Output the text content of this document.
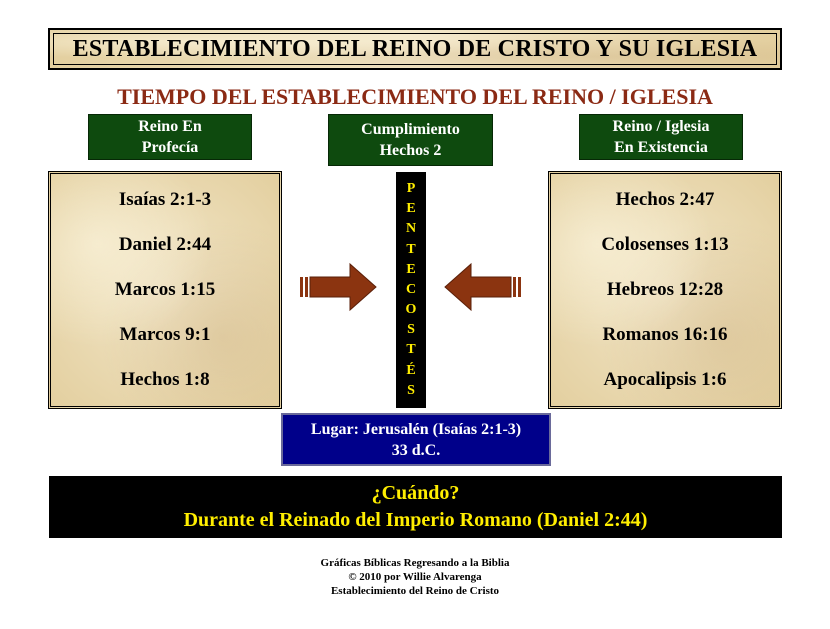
ESTABLECIMIENTO DEL REINO DE CRISTO Y SU IGLESIA
TIEMPO DEL ESTABLECIMIENTO DEL REINO / IGLESIA
Reino En
Profecía
Isaías 2:1-3
Daniel 2:44
Marcos 1:15
Marcos 9:1
Hechos 1:8
Cumplimiento
Hechos 2
P
E
N
T
E
C
O
S
T
É
S
Reino / Iglesia
En Existencia
Hechos 2:47
Colosenses 1:13
Hebreos 12:28
Romanos 16:16
Apocalipsis 1:6
Lugar: Jerusalén (Isaías 2:1-3)
33 d.C.
¿Cuándo?
Durante el Reinado del Imperio Romano (Daniel 2:44)
Gráficas Bíblicas Regresando a la Biblia
© 2010 por Willie Alvarenga
Establecimiento del Reino de Cristo
